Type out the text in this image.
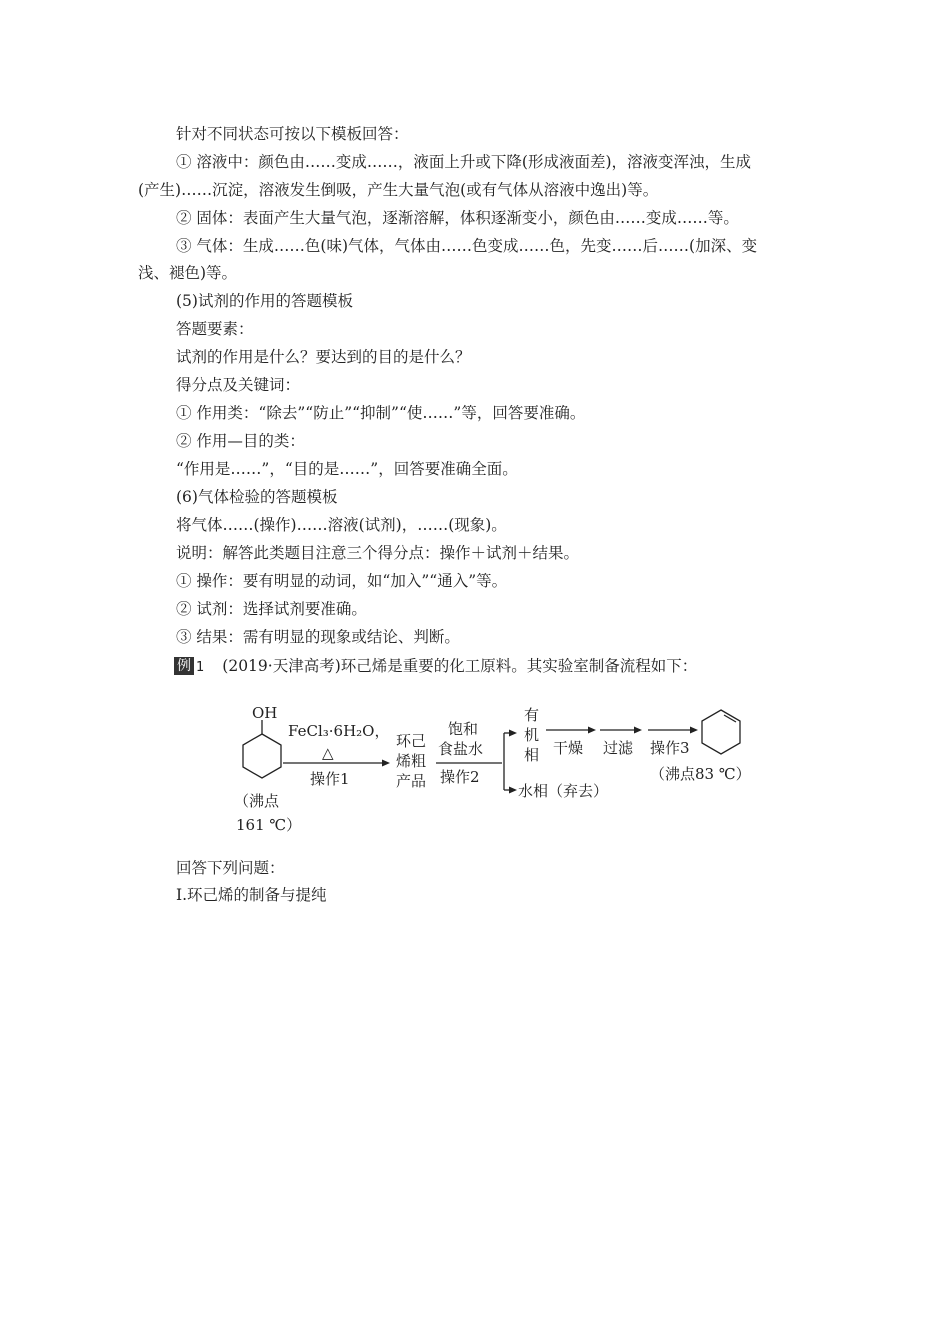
针对不同状态可按以下模板回答：
① 溶液中：颜色由……变成……，液面上升或下降(形成液面差)，溶液变浑浊，生成
(产生)……沉淀，溶液发生倒吸，产生大量气泡(或有气体从溶液中逸出)等。
② 固体：表面产生大量气泡，逐渐溶解，体积逐渐变小，颜色由……变成……等。
③ 气体：生成……色(味)气体，气体由……色变成……色，先变……后……(加深、变
浅、褪色)等。
(5)试剂的作用的答题模板
答题要素：
试剂的作用是什么？要达到的目的是什么？
得分点及关键词：
① 作用类：“除去”“防止”“抑制”“使……”等，回答要准确。
② 作用—目的类：
“作用是……”，“目的是……”，回答要准确全面。
(6)气体检验的答题模板
将气体……(操作)……溶液(试剂)，……(现象)。
说明：解答此类题目注意三个得分点：操作＋试剂＋结果。
① 操作：要有明显的动词，如“加入”“通入”等。
② 试剂：选择试剂要准确。
③ 结果：需有明显的现象或结论、判断。
例 1 (2019·天津高考)环己烯是重要的化工原料。其实验室制备流程如下：
OH
（沸点
161 ℃）
FeCl₃·6H₂O，
△
操作1
环己
烯粗
产品
饱和
食盐水
操作2
有
机
相
水相（弃去）
干燥 过滤 操作3
（沸点83 ℃）
回答下列问题：
Ⅰ.环己烯的制备与提纯
